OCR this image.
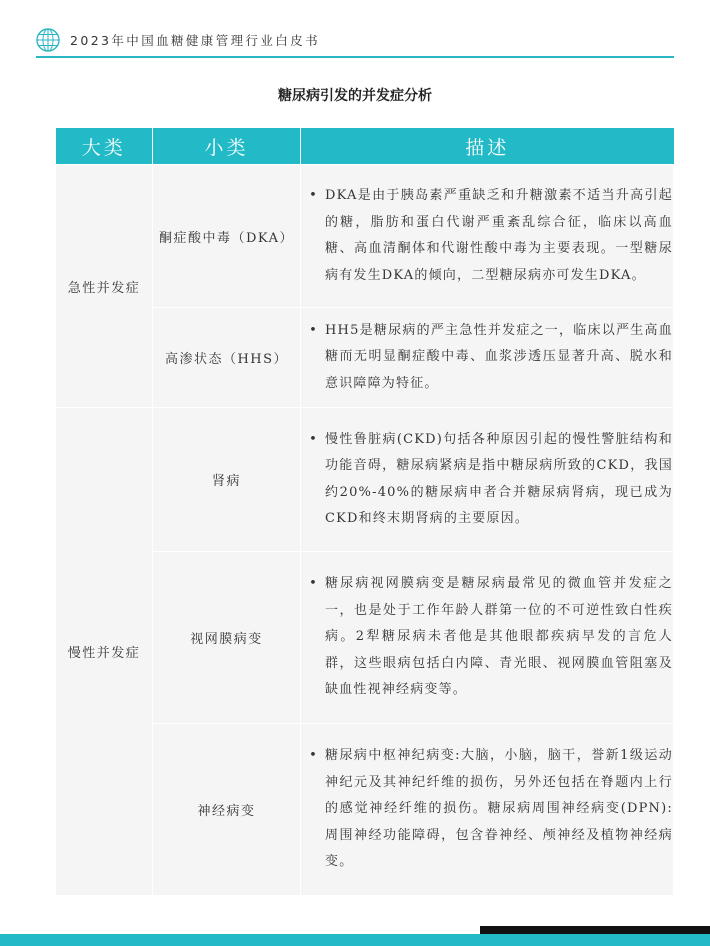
2023年中国血糖健康管理行业白皮书
糖尿病引发的并发症分析
大类	小类	描述
急性并发症	酮症酸中毒（DKA）	• DKA是由于胰岛素严重缺乏和升糖激素不适当升高引起的糖，脂肪和蛋白代谢严重紊乱综合征，临床以高血糖、高血清酮体和代谢性酸中毒为主要表现。一型糖尿病有发生DKA的倾向，二型糖尿病亦可发生DKA。

	高渗状态（HHS）	• HH5是糖尿病的严主急性并发症之一，临床以严生高血糖而无明显酮症酸中毒、血浆涉透压显著升高、脱水和意识障障为特征。

慢性并发症	肾病	• 慢性鲁脏病(CKD)句括各种原因引起的慢性警脏结构和功能音碍，糖尿病紧病是指中糖尿病所致的CKD，我国约20%-40%的糖尿病申者合并糖尿病肾病，现已成为CKD和终末期肾病的主要原因。

	视网膜病变	• 糖尿病视网膜病变是糖尿病最常见的微血管并发症之一，也是处于工作年龄人群第一位的不可逆性致白性疾病。2犁糖尿病未者他是其他眼都疾病早发的言危人群，这些眼病包括白内障、青光眼、视网膜血管阻塞及缺血性视神经病变等。

	神经病变	• 糖尿病中枢神纪病变:大脑，小脑，脑干，誉新1级运动神纪元及其神纪纤维的损伤，另外还包括在脊题内上行的感觉神经纤维的损伤。糖尿病周围神经病变(DPN):周围神经功能障碍，包含眷神经、颅神经及植物神经病变。
